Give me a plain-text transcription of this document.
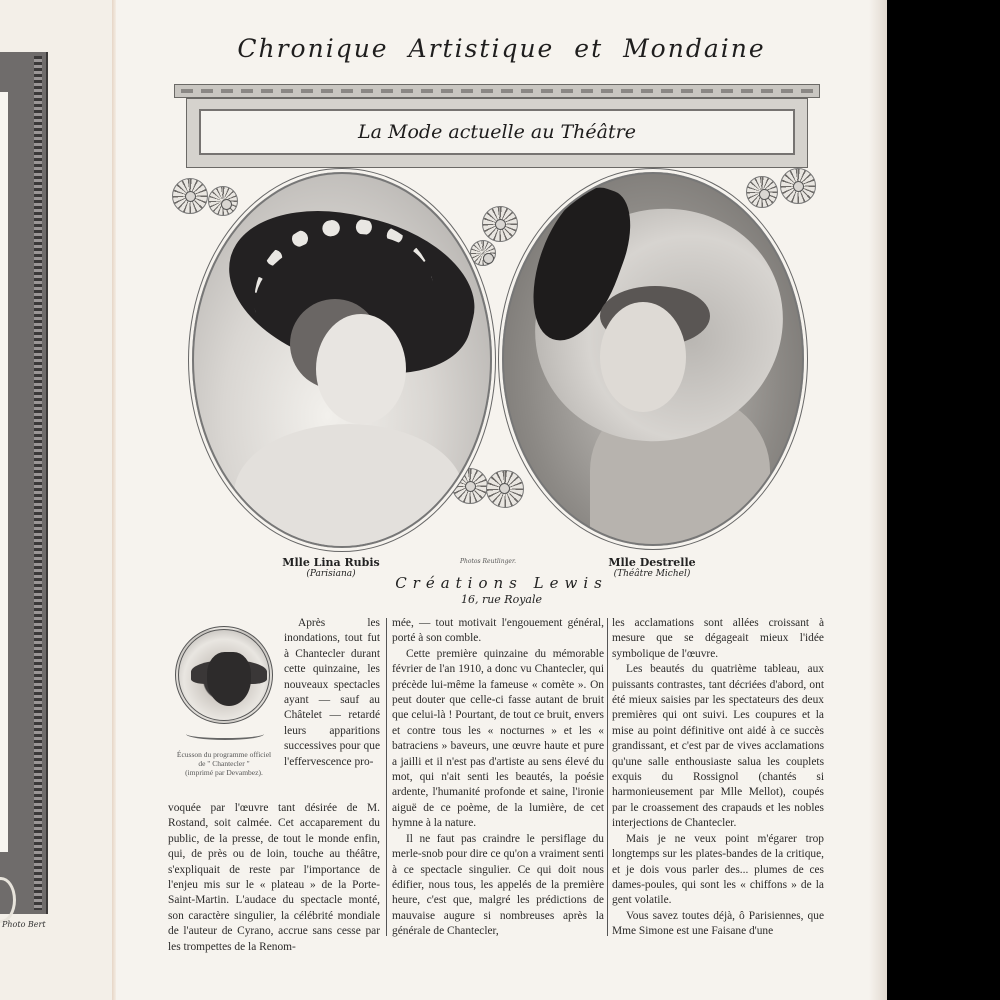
Photo Bert
Chronique Artistique et Mondaine
La Mode actuelle au Théâtre
Mlle Lina Rubis
(Parisiana)
Photos Reutlinger.	Mlle Destrelle
(Théâtre Michel)
Créations Lewis
16, rue Royale
Écusson du programme officiel
de " Chantecler "
(imprimé par Devambez).

Après les inondations, tout fut à Chantecler durant cette quinzaine, les nouveaux spectacles ayant — sauf au Châtelet — retardé leurs apparitions successives pour que l'effervescence pro-

voquée par l'œuvre tant désirée de M. Rostand, soit calmée. Cet accaparement du public, de la presse, de tout le monde enfin, qui, de près ou de loin, touche au théâtre, s'expliquait de reste par l'importance de l'enjeu mis sur le « plateau » de la Porte-Saint-Martin. L'audace du spectacle monté, son caractère singulier, la célébrité mondiale de l'auteur de Cyrano, accrue sans cesse par les trompettes de la Renom-

mée, — tout motivait l'engouement général, porté à son comble.

Cette première quinzaine du mémorable février de l'an 1910, a donc vu Chantecler, qui précède lui-même la fameuse « comète ». On peut douter que celle-ci fasse autant de bruit que celui-là ! Pourtant, de tout ce bruit, envers et contre tous les « nocturnes » et les « batraciens » baveurs, une œuvre haute et pure a jailli et il n'est pas d'artiste au sens élevé du mot, qui n'ait senti les beautés, la poésie ardente, l'humanité profonde et saine, l'ironie aiguë de ce poème, de la lumière, de cet hymne à la nature.

Il ne faut pas craindre le persiflage du merle-snob pour dire ce qu'on a vraiment senti à ce spectacle singulier. Ce qui doit nous édifier, nous tous, les appelés de la première heure, c'est que, malgré les prédictions de mauvaise augure si nombreuses après la générale de Chantecler,

les acclamations sont allées croissant à mesure que se dégageait mieux l'idée symbolique de l'œuvre.

Les beautés du quatrième tableau, aux puissants contrastes, tant décriées d'abord, ont été mieux saisies par les spectateurs des deux premières qui ont suivi. Les coupures et la mise au point définitive ont aidé à ce succès grandissant, et c'est par de vives acclamations qu'une salle enthousiaste salua les couplets exquis du Rossignol (chantés si harmonieusement par Mlle Mellot), coupés par le croassement des crapauds et les nobles interjections de Chantecler.

Mais je ne veux point m'égarer trop longtemps sur les plates-bandes de la critique, et je dois vous parler des... plumes de ces dames-poules, qui sont les « chiffons » de la gent volatile.

Vous savez toutes déjà, ô Parisiennes, que Mme Simone est une Faisane d'une
